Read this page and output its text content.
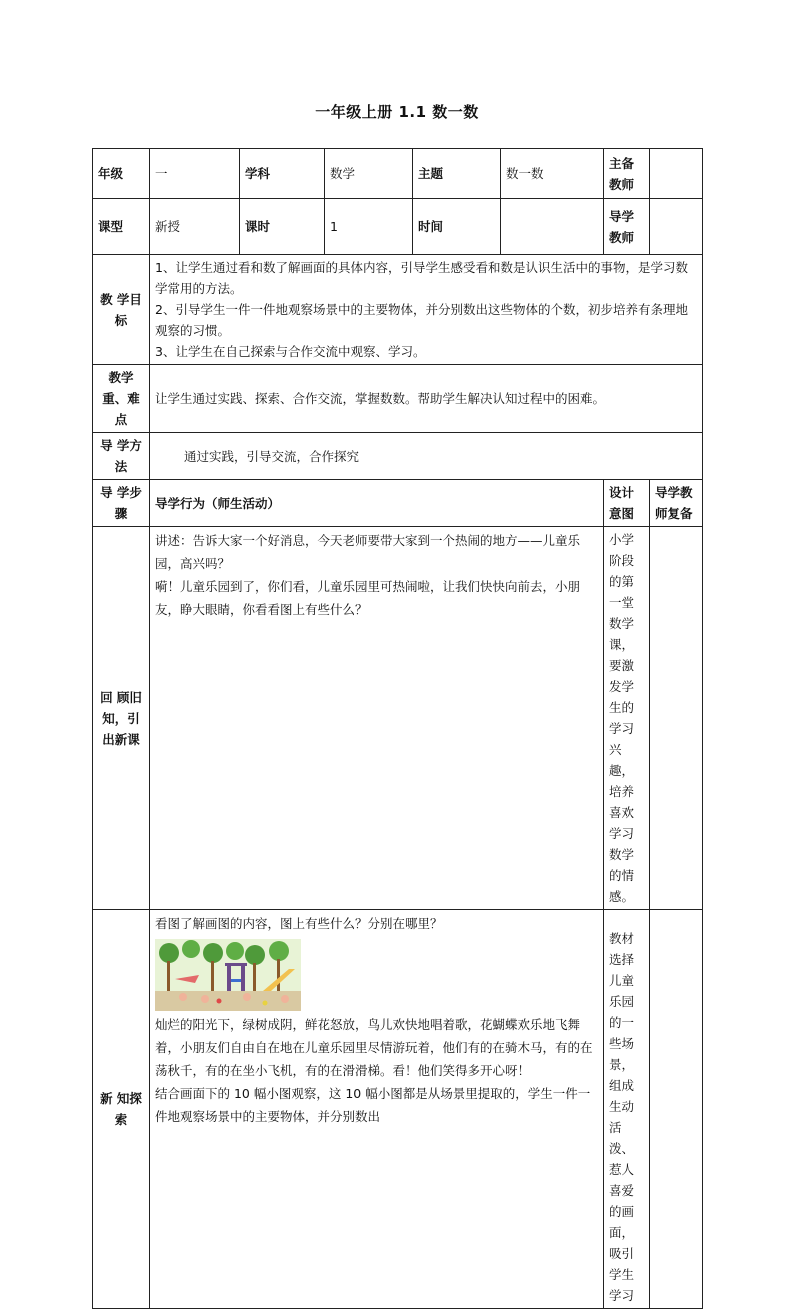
一年级上册 1.1 数一数
年级	一	学科	数学	主题	数一数	主备教师	
课型	新授	课时	1	时间		导学教师	
教 学目标	1、让学生通过看和数了解画面的具体内容，引导学生感受看和数是认识生活中的事物，是学习数学常用的方法。

2、引导学生一件一件地观察场景中的主要物体，并分别数出这些物体的个数，初步培养有条理地观察的习惯。

3、让学生在自己探索与合作交流中观察、学习。						

教学重、难点	让学生通过实践、探索、合作交流，掌握数数。帮助学生解决认知过程中的困难。						
导 学方法	通过实践，引导交流，合作探究						
导 学步骤	导学行为（师生活动）					设计意图	导学教师复备
回 顾旧知，引 出新课	讲述：告诉大家一个好消息，今天老师要带大家到一个热闹的地方——儿童乐园，高兴吗？

嗬！儿童乐园到了，你们看，儿童乐园里可热闹啦，让我们快快向前去，小朋友，睁大眼睛，你看看图上有些什么？					小学阶段的第一堂数学课，要激发学生的学习兴趣，培养喜欢学习数学的情感。	
新 知探索	看图了解画图的内容，图上有些什么？分别在哪里？

灿烂的阳光下，绿树成阴，鲜花怒放，鸟儿欢快地唱着歌，花蝴蝶欢乐地飞舞着，小朋友们自由自在地在儿童乐园里尽情游玩着，他们有的在骑木马，有的在荡秋千，有的在坐小飞机，有的在滑滑梯。看！他们笑得多开心呀！

结合画面下的 10 幅小图观察，这 10 幅小图都是从场景里提取的，学生一件一件地观察场景中的主要物体，并分别数出					教材选择儿童乐园的一些场景，组成生动活泼、惹人喜爱的画面，吸引学生学习	
